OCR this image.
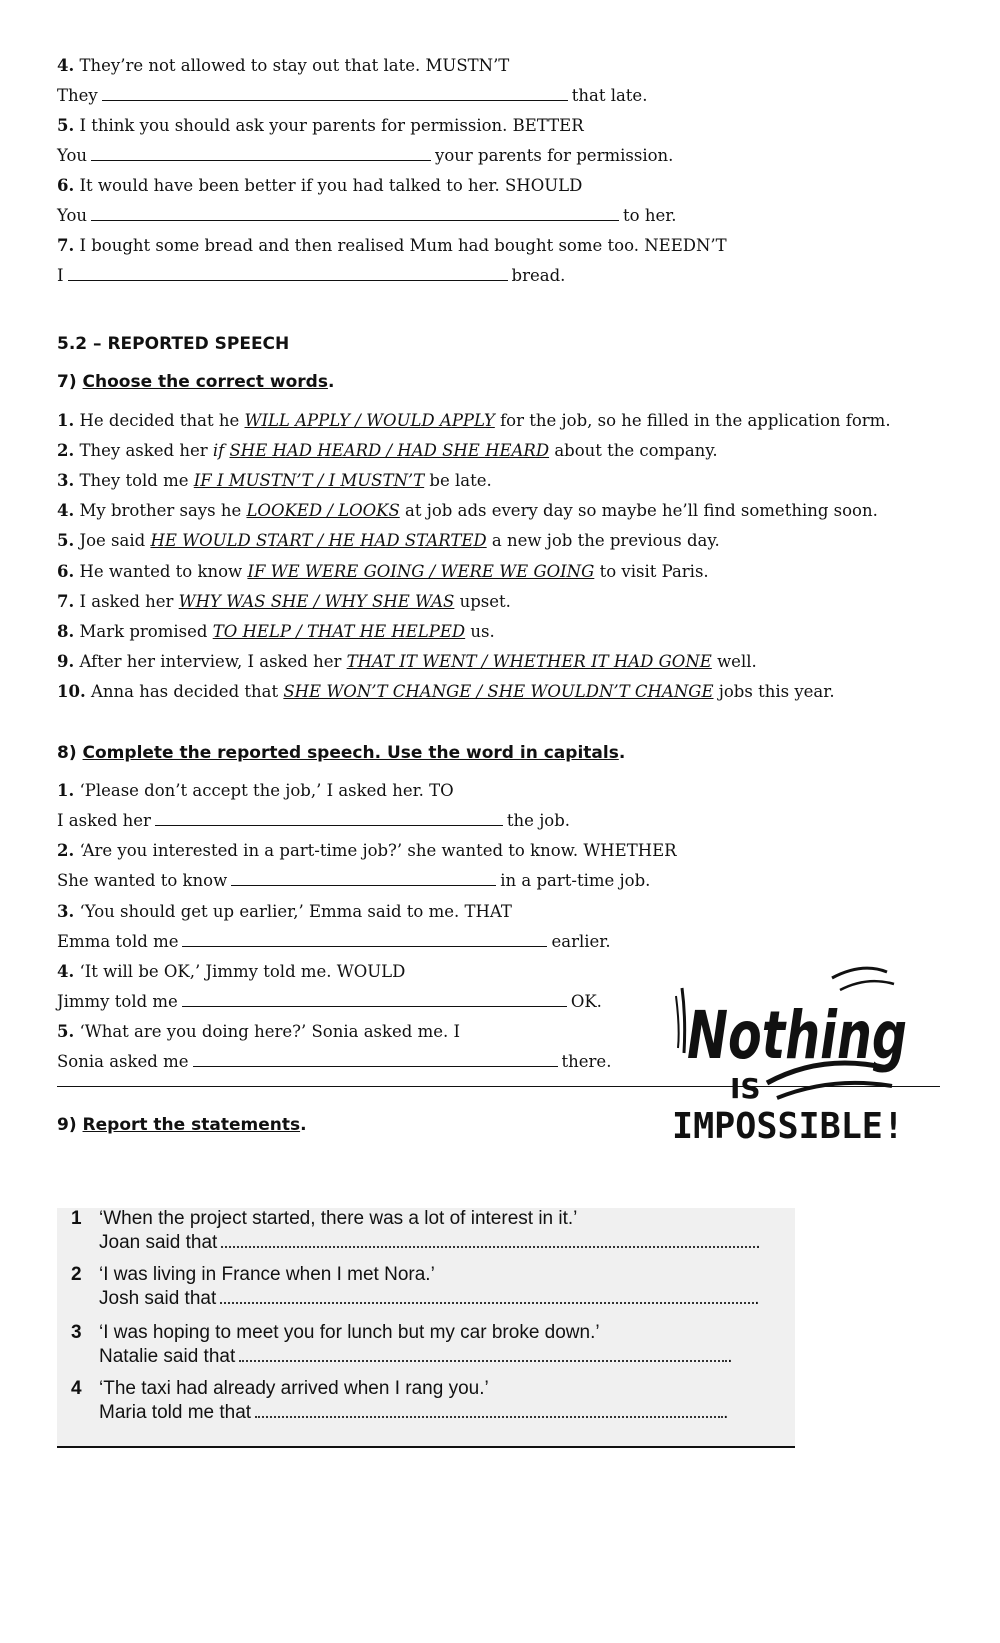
4. They’re not allowed to stay out that late. MUSTN’T
They	that late.
5. I think you should ask your parents for permission. BETTER
You	your parents for permission.
6. It would have been better if you had talked to her. SHOULD
You	to her.
7. I bought some bread and then realised Mum had bought some too. NEEDN’T
I	bread.
5.2 – REPORTED SPEECH
7) Choose the correct words.
1. He decided that he WILL APPLY / WOULD APPLY for the job, so he filled in the application form.
2. They asked her if SHE HAD HEARD / HAD SHE HEARD about the company.
3. They told me IF I MUSTN’T / I MUSTN’T be late.
4. My brother says he LOOKED / LOOKS at job ads every day so maybe he’ll find something soon.
5. Joe said HE WOULD START / HE HAD STARTED a new job the previous day.
6. He wanted to know IF WE WERE GOING / WERE WE GOING to visit Paris.
7. I asked her WHY WAS SHE / WHY SHE WAS upset.
8. Mark promised TO HELP / THAT HE HELPED us.
9. After her interview, I asked her THAT IT WENT / WHETHER IT HAD GONE well.
10. Anna has decided that SHE WON’T CHANGE / SHE WOULDN’T CHANGE jobs this year.
8) Complete the reported speech. Use the word in capitals.
1. ‘Please don’t accept the job,’ I asked her. TO
I asked her	the job.
2. ‘Are you interested in a part-time job?’ she wanted to know. WHETHER
She wanted to know	in a part-time job.
3. ‘You should get up earlier,’ Emma said to me. THAT
Emma told me	earlier.
4. ‘It will be OK,’ Jimmy told me. WOULD
Jimmy told me	OK.
5. ‘What are you doing here?’ Sonia asked me. I
Sonia asked me	there. Nothing
IS
IMPOSSIBLE!
9) Report the statements.
1 ‘When the project started, there was a lot of interest in it.’
Joan said that	.
2 ‘I was living in France when I met Nora.’
Josh said that	.
3 ‘I was hoping to meet you for lunch but my car broke down.’
Natalie said that	.
4 ‘The taxi had already arrived when I rang you.’
Maria told me that	.
